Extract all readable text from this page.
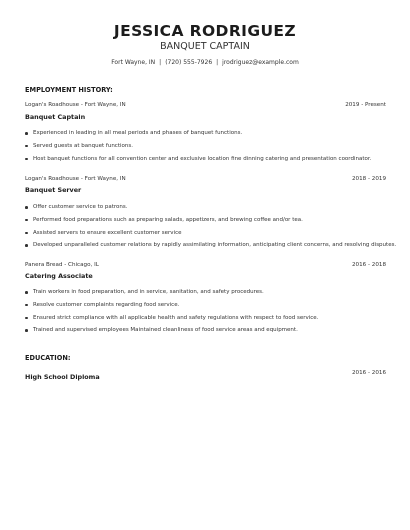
JESSICA RODRIGUEZ
BANQUET CAPTAIN
Fort Wayne, IN | (720) 555-7926 | jrodriguez@example.com
EMPLOYMENT HISTORY:
Logan's Roadhouse - Fort Wayne, IN	2019 - Present
Banquet Captain
Experienced in leading in all meal periods and phases of banquet functions.
Served guests at banquet functions.
Host banquet functions for all convention center and exclusive location fine dinning catering and presentation coordinator.
Logan's Roadhouse - Fort Wayne, IN	2018 - 2019
Banquet Server
Offer customer service to patrons.
Performed food preparations such as preparing salads, appetizers, and brewing coffee and/or tea.
Assisted servers to ensure excellent customer service
Developed unparalleled customer relations by rapidly assimilating information, anticipating client concerns, and resolving disputes.
Panera Bread - Chicago, IL	2016 - 2018
Catering Associate
Train workers in food preparation, and in service, sanitation, and safety procedures.
Resolve customer complaints regarding food service.
Ensured strict compliance with all applicable health and safety regulations with respect to food service.
Trained and supervised employees Maintained cleanliness of food service areas and equipment.
EDUCATION:
High School Diploma	2016 - 2016
